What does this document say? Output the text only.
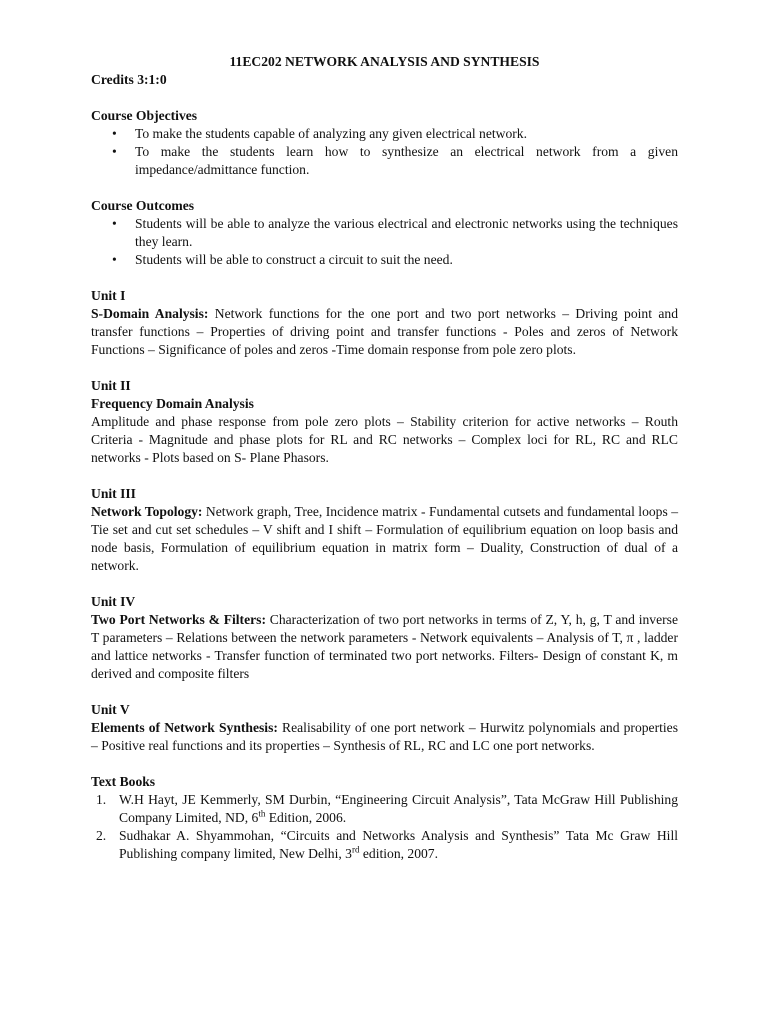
11EC202 NETWORK ANALYSIS AND SYNTHESIS

Credits 3:1:0

Course Objectives

• To make the students capable of analyzing any given electrical network.
• To make the students learn how to synthesize an electrical network from a given impedance/admittance function.

Course Outcomes

• Students will be able to analyze the various electrical and electronic networks using the techniques they learn.
• Students will be able to construct a circuit to suit the need.

Unit I

S-Domain Analysis: Network functions for the one port and two port networks – Driving point and transfer functions – Properties of driving point and transfer functions - Poles and zeros of Network Functions – Significance of poles and zeros -Time domain response from pole zero plots.

Unit II

Frequency Domain Analysis

Amplitude and phase response from pole zero plots – Stability criterion for active networks – Routh Criteria - Magnitude and phase plots for RL and RC networks – Complex loci for RL, RC and RLC networks - Plots based on S- Plane Phasors.

Unit III

Network Topology: Network graph, Tree, Incidence matrix - Fundamental cutsets and fundamental loops – Tie set and cut set schedules – V shift and I shift – Formulation of equilibrium equation on loop basis and node basis, Formulation of equilibrium equation in matrix form – Duality, Construction of dual of a network.

Unit IV

Two Port Networks & Filters: Characterization of two port networks in terms of Z, Y, h, g, T and inverse T parameters – Relations between the network parameters - Network equivalents – Analysis of T, π , ladder and lattice networks - Transfer function of terminated two port networks. Filters- Design of constant K, m derived and composite filters

Unit V

Elements of Network Synthesis: Realisability of one port network – Hurwitz polynomials and properties – Positive real functions and its properties – Synthesis of RL, RC and LC one port networks.

Text Books

1. W.H Hayt, JE Kemmerly, SM Durbin, “Engineering Circuit Analysis”, Tata McGraw Hill Publishing Company Limited, ND, 6th Edition, 2006.
2. Sudhakar A. Shyammohan, “Circuits and Networks Analysis and Synthesis” Tata Mc Graw Hill Publishing company limited, New Delhi, 3rd edition, 2007.
